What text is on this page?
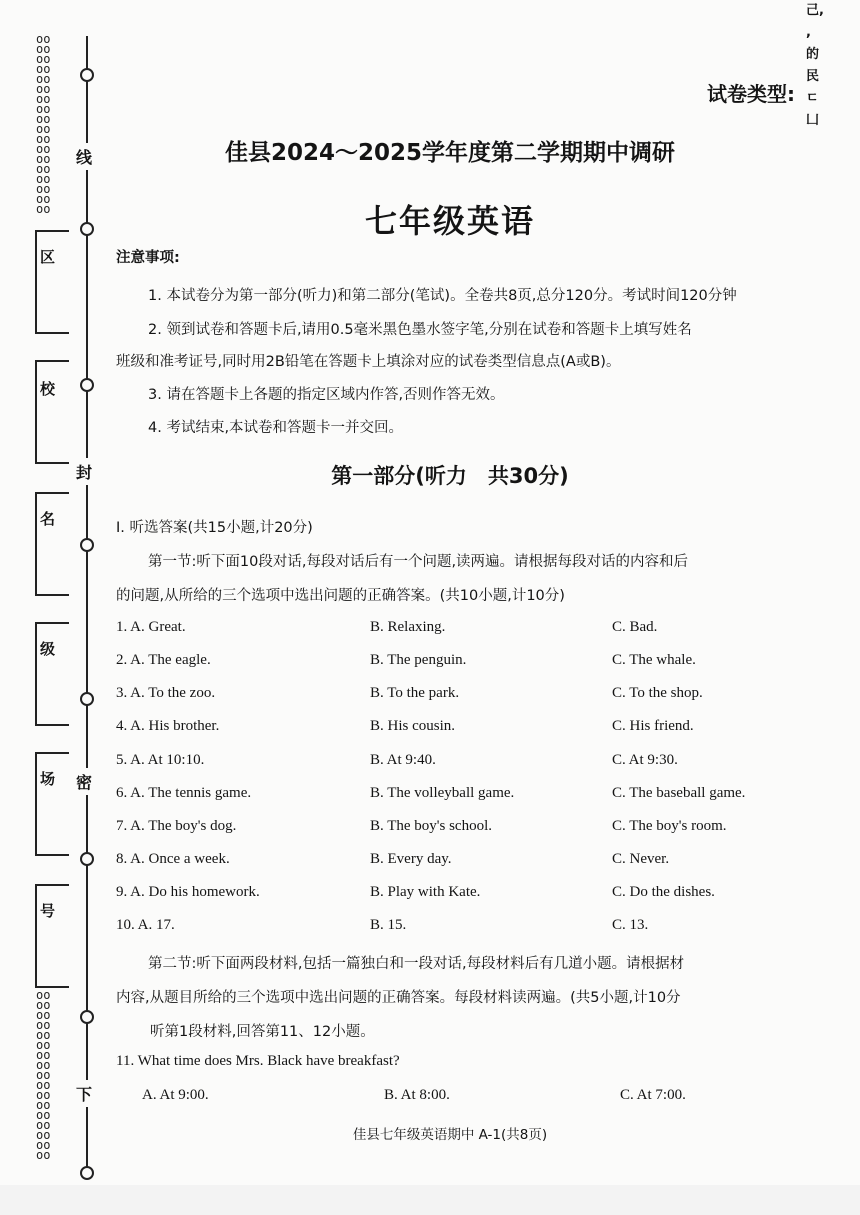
oo
oo
oo
oo
oo
oo
oo
oo
oo
oo
oo
oo
oo
oo
oo
oo
oo
oo
oo
oo
oo
oo
oo
oo
oo
oo
oo
oo
oo
oo
oo
oo
oo
oo
oo
线
封
密
下
区
校
名
级
场
号
试卷类型:
己,
,
的
民
ㄷ
凵
佳县2024～2025学年度第二学期期中调研
七年级英语
注意事项:
1. 本试卷分为第一部分(听力)和第二部分(笔试)。全卷共8页,总分120分。考试时间120分钟
2. 领到试卷和答题卡后,请用0.5毫米黑色墨水签字笔,分别在试卷和答题卡上填写姓名
班级和准考证号,同时用2B铅笔在答题卡上填涂对应的试卷类型信息点(A或B)。
3. 请在答题卡上各题的指定区域内作答,否则作答无效。
4. 考试结束,本试卷和答题卡一并交回。
第一部分(听力　共30分)
Ⅰ. 听选答案(共15小题,计20分)
第一节:听下面10段对话,每段对话后有一个问题,读两遍。请根据每段对话的内容和后
的问题,从所给的三个选项中选出问题的正确答案。(共10小题,计10分)
1. A. Great.	B. Relaxing.	C. Bad.
2. A. The eagle.	B. The penguin.	C. The whale.
3. A. To the zoo.	B. To the park.	C. To the shop.
4. A. His brother.	B. His cousin.	C. His friend.
5. A. At 10:10.	B. At 9:40.	C. At 9:30.
6. A. The tennis game.	B. The volleyball game.	C. The baseball game.
7. A. The boy's dog.	B. The boy's school.	C. The boy's room.
8. A. Once a week.	B. Every day.	C. Never.
9. A. Do his homework.	B. Play with Kate.	C. Do the dishes.
10. A. 17.	B. 15.	C. 13.
第二节:听下面两段材料,包括一篇独白和一段对话,每段材料后有几道小题。请根据材
内容,从题目所给的三个选项中选出问题的正确答案。每段材料读两遍。(共5小题,计10分
听第1段材料,回答第11、12小题。
11. What time does Mrs. Black have breakfast?
A. At 9:00.	B. At 8:00.	C. At 7:00.
佳县七年级英语期中 A-1(共8页)
